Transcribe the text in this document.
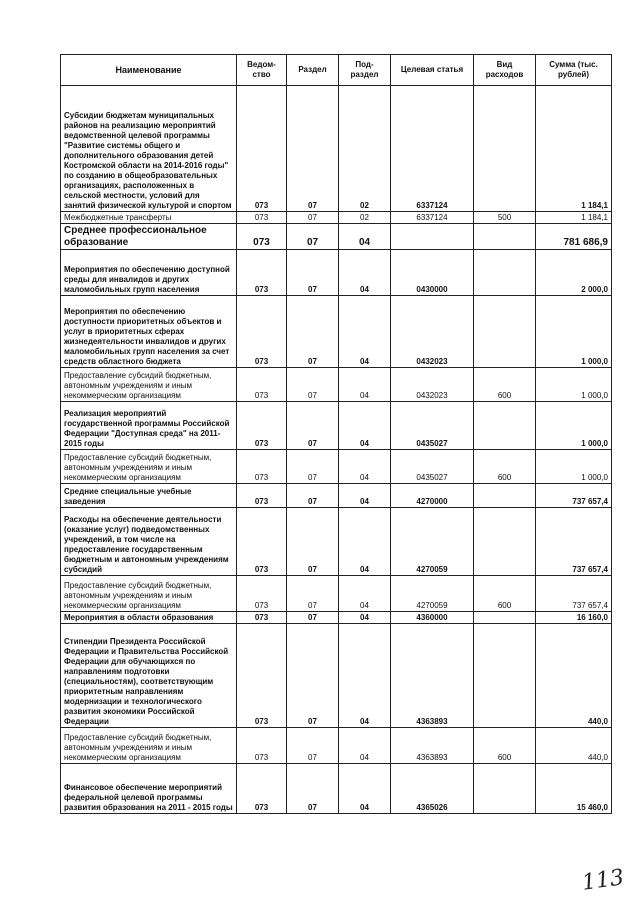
Наименование	Ведом-ство	Раздел	Под-раздел	Целевая статья	Вид расходов	Сумма (тыс. рублей)
Субсидии бюджетам муниципальных районов на реализацию мероприятий ведомственной целевой программы "Развитие системы общего и дополнительного образования детей Костромской области на 2014-2016 годы" по созданию в общеобразовательных организациях, расположенных в сельской местности, условий для занятий физической культурой и спортом	073	07	02	6337124		1 184,1
Межбюджетные трансферты	073	07	02	6337124	500	1 184,1
Среднее профессиональное образование	073	07	04			781 686,9
Мероприятия по обеспечению доступной среды для инвалидов и других маломобильных групп населения	073	07	04	0430000		2 000,0
Мероприятия по обеспечению доступности приоритетных объектов и услуг в приоритетных сферах жизнедеятельности инвалидов и других маломобильных групп населения за счет средств областного бюджета	073	07	04	0432023		1 000,0
Предоставление субсидий бюджетным, автономным учреждениям и иным некоммерческим организациям	073	07	04	0432023	600	1 000,0
Реализация мероприятий государственной программы Российской Федерации "Доступная среда" на 2011-2015 годы	073	07	04	0435027		1 000,0
Предоставление субсидий бюджетным, автономным учреждениям и иным некоммерческим организациям	073	07	04	0435027	600	1 000,0
Средние специальные учебные заведения	073	07	04	4270000		737 657,4
Расходы на обеспечение деятельности (оказание услуг) подведомственных учреждений, в том числе на предоставление государственным бюджетным и автономным учреждениям субсидий	073	07	04	4270059		737 657,4
Предоставление субсидий бюджетным, автономным учреждениям и иным некоммерческим организациям	073	07	04	4270059	600	737 657,4
Мероприятия в области образования	073	07	04	4360000		16 160,0
Стипендии Президента Российской Федерации и Правительства Российской Федерации для обучающихся по направлениям подготовки (специальностям), соответствующим приоритетным направлениям модернизации и технологического развития экономики Российской Федерации	073	07	04	4363893		440,0
Предоставление субсидий бюджетным, автономным учреждениям и иным некоммерческим организациям	073	07	04	4363893	600	440,0
Финансовое обеспечение мероприятий федеральной целевой программы развития образования на 2011 - 2015 годы	073	07	04	4365026		15 460,0
113
